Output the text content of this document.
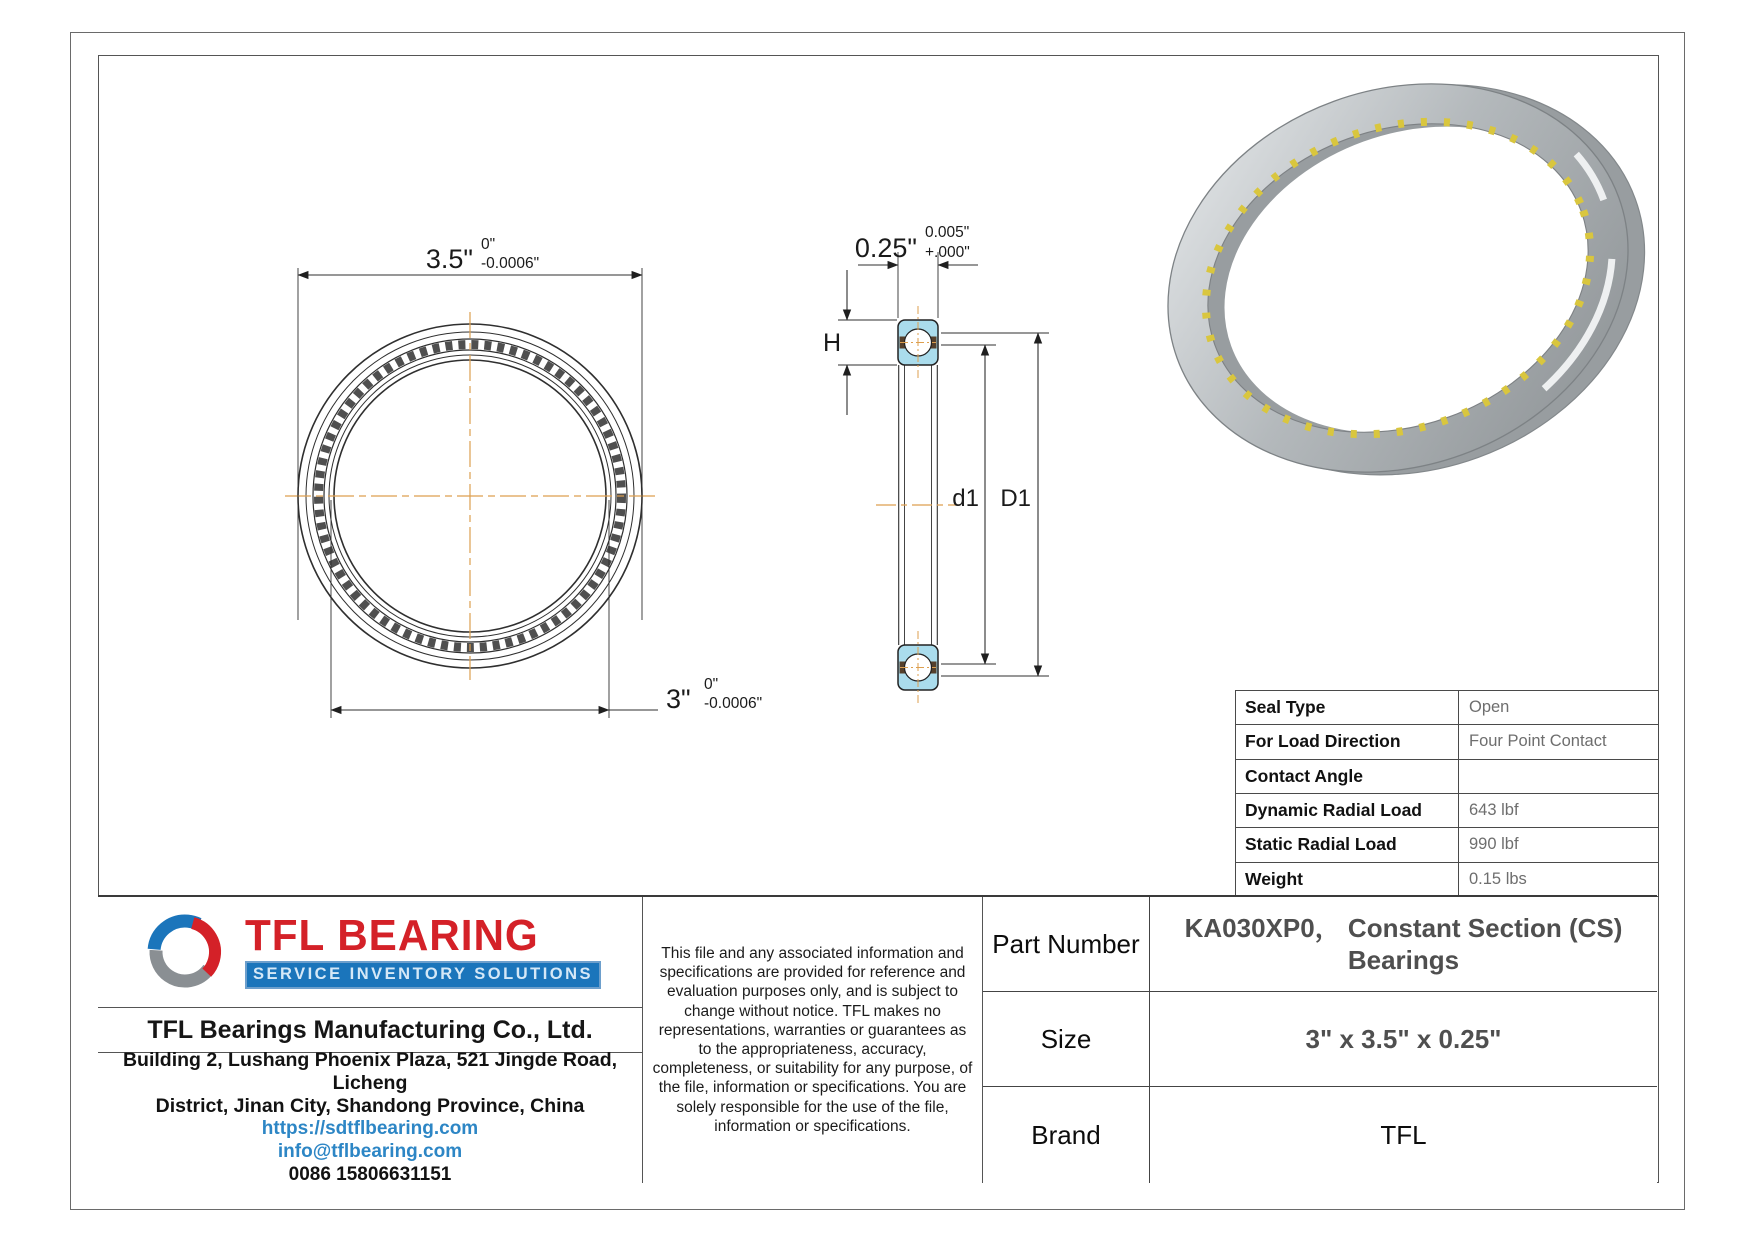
3.5" 0"
-0.0006"
3" 0"
-0.0006"
0.25"
0.005"
+.000"
H
d1 D1
Seal Type	Open
For Load Direction	Four Point Contact
Contact Angle
Dynamic Radial Load	643 lbf
Static Radial Load	990 lbf
Weight	0.15 lbs
TFL BEARING
SERVICE INVENTORY SOLUTIONS
TFL Bearings Manufacturing Co., Ltd.
Building 2, Lushang Phoenix Plaza, 521 Jingde Road, Licheng
District, Jinan City, Shandong Province, China
https://sdtflbearing.com
info@tflbearing.com
0086 15806631151
This file and any associated information and specifications are provided for reference and evaluation purposes only, and is subject to change without notice. TFL makes no representations, warranties or guarantees as to the appropriateness, accuracy, completeness, or suitability for any purpose, of the file, information or specifications. You are solely responsible for the use of the file, information or specifications.
Part Number
KA030XP0， Constant Section (CS) Bearings
Size	3" x 3.5" x 0.25"
Brand	TFL
